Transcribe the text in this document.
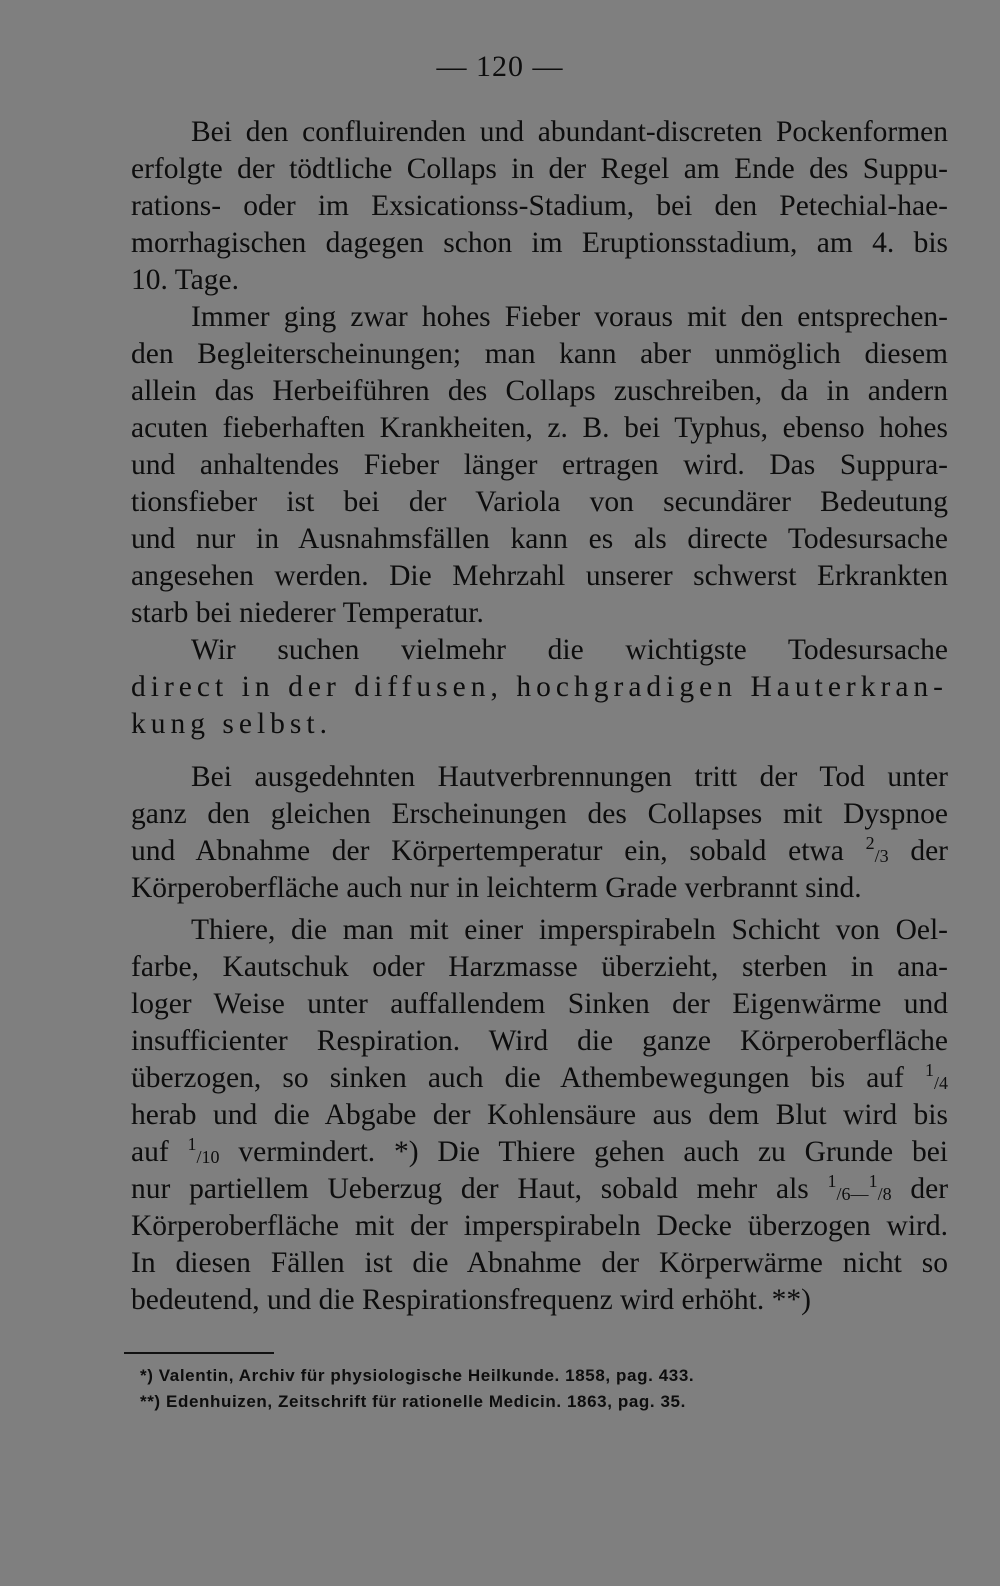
— 120 —

Bei den confluirenden und abundant-discreten Pockenformen

erfolgte der tödtliche Collaps in der Regel am Ende des Suppu-

rations- oder im Exsicationss-Stadium, bei den Petechial-hae-

morrhagischen dagegen schon im Eruptionsstadium, am 4. bis

10. Tage.

Immer ging zwar hohes Fieber voraus mit den entsprechen-

den Begleiterscheinungen; man kann aber unmöglich diesem

allein das Herbeiführen des Collaps zuschreiben, da in andern

acuten fieberhaften Krankheiten, z. B. bei Typhus, ebenso hohes

und anhaltendes Fieber länger ertragen wird. Das Suppura-

tionsfieber ist bei der Variola von secundärer Bedeutung

und nur in Ausnahmsfällen kann es als directe Todesursache

angesehen werden. Die Mehrzahl unserer schwerst Erkrankten

starb bei niederer Temperatur.

Wir suchen vielmehr die wichtigste Todesursache

direct in der diffusen, hochgradigen Hauterkran-

kung selbst.

Bei ausgedehnten Hautverbrennungen tritt der Tod unter

ganz den gleichen Erscheinungen des Collapses mit Dyspnoe

und Abnahme der Körpertemperatur ein, sobald etwa $^2$/3 der

Körperoberfläche auch nur in leichterm Grade verbrannt sind.

Thiere, die man mit einer imperspirabeln Schicht von Oel-

farbe, Kautschuk oder Harzmasse überzieht, sterben in ana-

loger Weise unter auffallendem Sinken der Eigenwärme und

insufficienter Respiration. Wird die ganze Körperoberfläche

überzogen, so sinken auch die Athembewegungen bis auf $^1$/4

herab und die Abgabe der Kohlensäure aus dem Blut wird bis

auf $^1$/10 vermindert. *) Die Thiere gehen auch zu Grunde bei

nur partiellem Ueberzug der Haut, sobald mehr als $^1$/6—$^1$/8 der

Körperoberfläche mit der imperspirabeln Decke überzogen wird.

In diesen Fällen ist die Abnahme der Körperwärme nicht so

bedeutend, und die Respirationsfrequenz wird erhöht. **)

*) Valentin, Archiv für physiologische Heilkunde. 1858, pag. 433.
**) Edenhuizen, Zeitschrift für rationelle Medicin. 1863, pag. 35.
